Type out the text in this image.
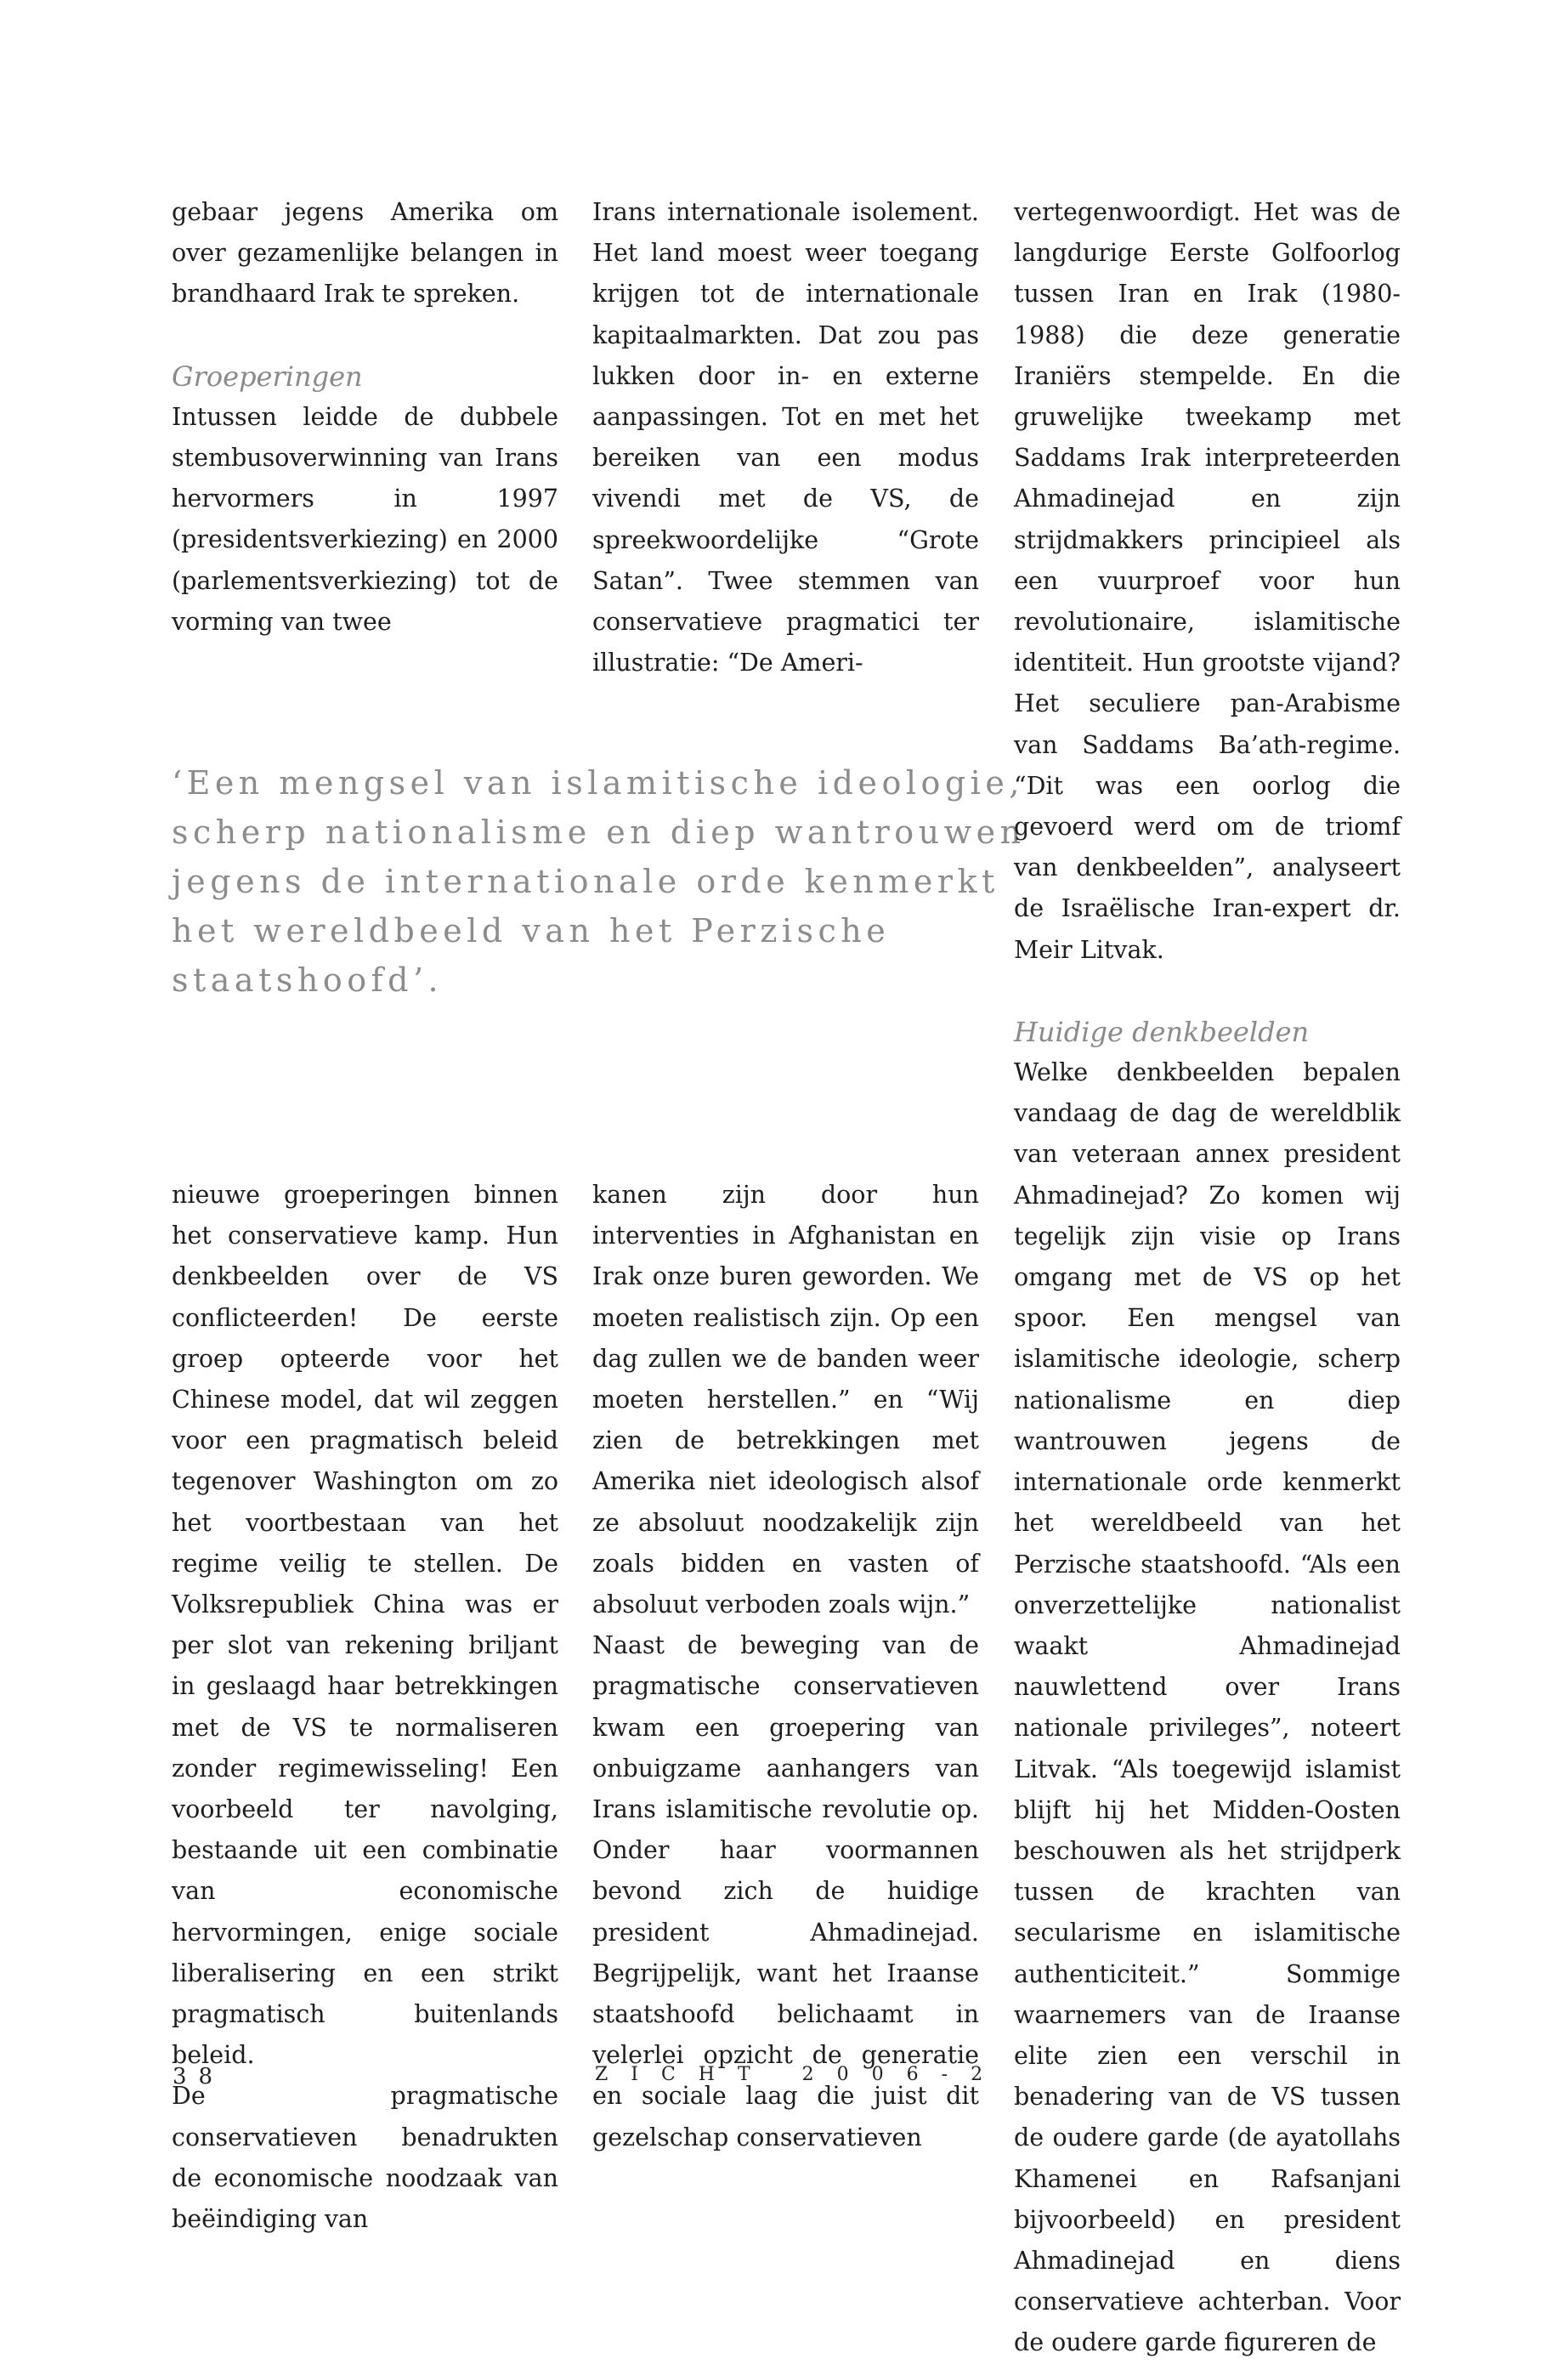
gebaar jegens Amerika om over gezamenlijke belangen in brandhaard Irak te spreken.

Groeperingen

Intussen leidde de dubbele stembusoverwinning van Irans hervormers in 1997 (presidentsverkiezing) en 2000 (parlementsverkiezing) tot de vorming van twee

Irans internationale isolement. Het land moest weer toegang krijgen tot de internationale kapitaalmarkten. Dat zou pas lukken door in- en externe aanpassingen. Tot en met het bereiken van een modus vivendi met de VS, de spreekwoordelijke “Grote Satan”. Twee stemmen van conservatieve pragmatici ter illustratie: “De Ameri-

‘Een mengsel van islamitische ideologie,
scherp nationalisme en diep wantrouwen
jegens de internationale orde kenmerkt
het wereldbeeld van het Perzische
staatshoofd’.

nieuwe groeperingen binnen het conservatieve kamp. Hun denkbeelden over de VS conflicteerden! De eerste groep opteerde voor het Chinese model, dat wil zeggen voor een pragmatisch beleid tegenover Washington om zo het voortbestaan van het regime veilig te stellen. De Volksrepubliek China was er per slot van rekening briljant in geslaagd haar betrekkingen met de VS te normaliseren zonder regimewisseling! Een voorbeeld ter navolging, bestaande uit een combinatie van economische hervormingen, enige sociale liberalisering en een strikt pragmatisch buitenlands beleid.

De pragmatische conservatieven benadrukten de economische noodzaak van beëindiging van

kanen zijn door hun interventies in Afghanistan en Irak onze buren geworden. We moeten realistisch zijn. Op een dag zullen we de banden weer moeten herstellen.” en “Wij zien de betrekkingen met Amerika niet ideologisch alsof ze absoluut noodzakelijk zijn zoals bidden en vasten of absoluut verboden zoals wijn.”

Naast de beweging van de pragmatische conservatieven kwam een groepering van onbuigzame aanhangers van Irans islamitische revolutie op. Onder haar voormannen bevond zich de huidige president Ahmadinejad. Begrijpelijk, want het Iraanse staatshoofd belichaamt in velerlei opzicht de generatie en sociale laag die juist dit gezelschap conservatieven

vertegenwoordigt. Het was de langdurige Eerste Golfoorlog tussen Iran en Irak (1980-1988) die deze generatie Iraniërs stempelde. En die gruwelijke tweekamp met Saddams Irak interpreteerden Ahmadinejad en zijn strijdmakkers principieel als een vuurproef voor hun revolutionaire, islamitische identiteit. Hun grootste vijand? Het seculiere pan-Arabisme van Saddams Ba’ath-regime. “Dit was een oorlog die gevoerd werd om de triomf van denkbeelden”, analyseert de Israëlische Iran-expert dr. Meir Litvak.

Huidige denkbeelden

Welke denkbeelden bepalen vandaag de dag de wereldblik van veteraan annex president Ahmadinejad? Zo komen wij tegelijk zijn visie op Irans omgang met de VS op het spoor. Een mengsel van islamitische ideologie, scherp nationalisme en diep wantrouwen jegens de internationale orde kenmerkt het wereldbeeld van het Perzische staatshoofd. “Als een onverzettelijke nationalist waakt Ahmadinejad nauwlettend over Irans nationale privileges”, noteert Litvak. “Als toegewijd islamist blijft hij het Midden-Oosten beschouwen als het strijdperk tussen de krachten van secularisme en islamitische authenticiteit.” Sommige waarnemers van de Iraanse elite zien een verschil in benadering van de VS tussen de oudere garde (de ayatollahs Khamenei en Rafsanjani bijvoorbeeld) en president Ahmadinejad en diens conservatieve achterban. Voor de oudere garde figureren de

38	ZICHT 2006-2
